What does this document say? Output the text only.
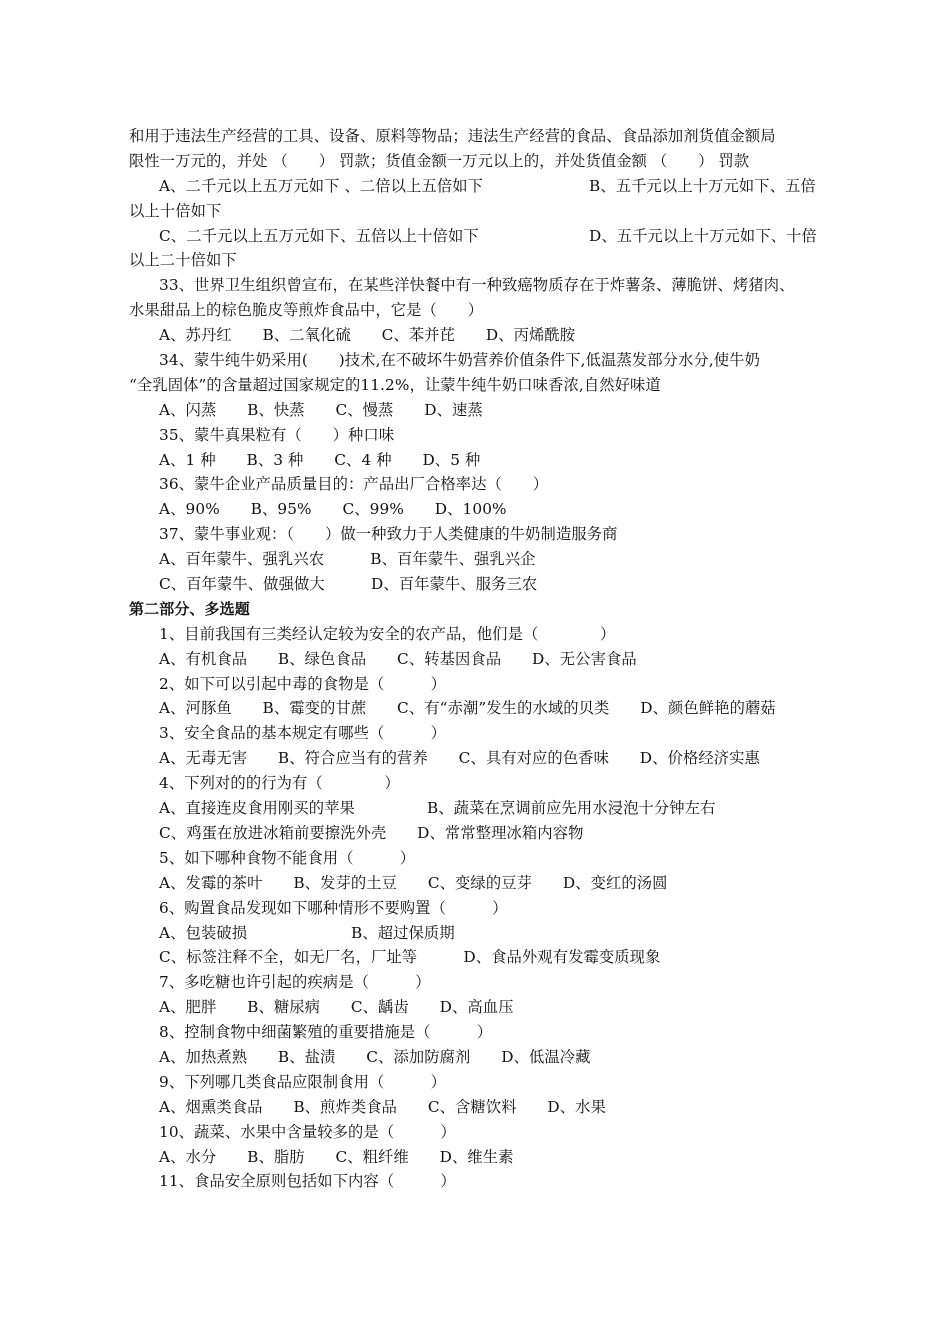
和用于违法生产经营的工具、设备、原料等物品；违法生产经营的食品、食品添加剂货值金额局
限性一万元的，并处 （　　） 罚款；货值金额一万元以上的，并处货值金额 （　　） 罚款
A、二千元以上五万元如下 、二倍以上五倍如下	B、五千元以上十万元如下、五倍
以上十倍如下
C、二千元以上五万元如下、五倍以上十倍如下	D、五千元以上十万元如下、十倍
以上二十倍如下
33、世界卫生组织曾宣布，在某些洋快餐中有一种致癌物质存在于炸薯条、薄脆饼、烤猪肉、
水果甜品上的棕色脆皮等煎炸食品中，它是（　　）
A、苏丹红　　B、二氧化硫　　C、苯并芘　　D、丙烯酰胺
34、蒙牛纯牛奶采用(　　)技术,在不破坏牛奶营养价值条件下,低温蒸发部分水分,使牛奶
“全乳固体”的含量超过国家规定的11.2%，让蒙牛纯牛奶口味香浓,自然好味道
A、闪蒸　　B、快蒸　　C、慢蒸　　D、速蒸
35、蒙牛真果粒有（　　）种口味
A、1 种　　B、3 种　　C、4 种　　D、5 种
36、蒙牛企业产品质量目的：产品出厂合格率达（　　）
A、90%　　B、95%　　C、99%　　D、100%
37、蒙牛事业观：（　　）做一种致力于人类健康的牛奶制造服务商
A、百年蒙牛、强乳兴农　　　B、百年蒙牛、强乳兴企
C、百年蒙牛、做强做大　　　D、百年蒙牛、服务三农
第二部分、多选题
1、目前我国有三类经认定较为安全的农产品，他们是（　　　　）
A、有机食品　　B、绿色食品　　C、转基因食品　　D、无公害食品
2、如下可以引起中毒的食物是（　　　）
A、河豚鱼　　B、霉变的甘蔗　　C、有“赤潮”发生的水域的贝类　　D、颜色鲜艳的蘑菇
3、安全食品的基本规定有哪些（　　　）
A、无毒无害　　B、符合应当有的营养　　C、具有对应的色香味　　D、价格经济实惠
4、下列对的的行为有（　　　　）
A、直接连皮食用刚买的苹果	B、蔬菜在烹调前应先用水浸泡十分钟左右
C、鸡蛋在放进冰箱前要擦洗外壳　　D、常常整理冰箱内容物
5、如下哪种食物不能食用（　　　）
A、发霉的茶叶　　B、发芽的土豆　　C、变绿的豆芽　　D、变红的汤圆
6、购置食品发现如下哪种情形不要购置（　　　）
A、包装破损	B、超过保质期
C、标签注释不全，如无厂名，厂址等　　　D、食品外观有发霉变质现象
7、多吃糖也许引起的疾病是（　　　）
A、肥胖　　B、糖尿病　　C、龋齿　　D、高血压
8、控制食物中细菌繁殖的重要措施是（　　　）
A、加热煮熟　　B、盐渍　　C、添加防腐剂　　D、低温冷藏
9、下列哪几类食品应限制食用（　　　）
A、烟熏类食品　　B、煎炸类食品　　C、含糖饮料　　D、水果
10、蔬菜、水果中含量较多的是（　　　）
A、水分　　B、脂肪　　C、粗纤维　　D、维生素
11、食品安全原则包括如下内容（　　　）
